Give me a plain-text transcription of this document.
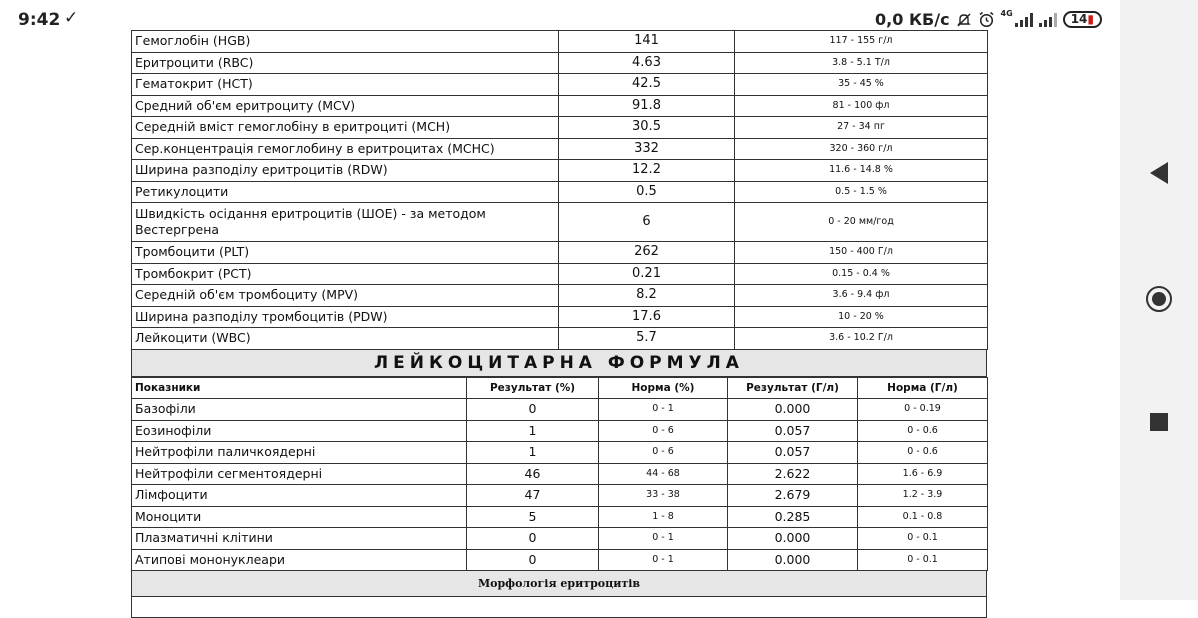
9:42 ✓	0,0 КБ/с	4G	14▮
Гемоглобін (HGB)	141	117 - 155 г/л
Еритроцити (RBC)	4.63	3.8 - 5.1 Т/л
Гематокрит (HCT)	42.5	35 - 45 %
Средний об'єм еритроциту (MCV)	91.8	81 - 100 фл
Середній вміст гемоглобіну в еритроциті (MCH)	30.5	27 - 34 пг
Сер.концентрація гемоглобину в еритроцитах (MCHC)	332	320 - 360 г/л
Ширина разподілу еритроцитів (RDW)	12.2	11.6 - 14.8 %
Ретикулоцити	0.5	0.5 - 1.5 %
Швидкість осідання еритроцитів (ШОЕ) - за методом Вестергрена	6	0 - 20 мм/год
Тромбоцити (PLT)	262	150 - 400 Г/л
Тромбокрит (PCT)	0.21	0.15 - 0.4 %
Середній об'єм тромбоциту (MPV)	8.2	3.6 - 9.4 фл
Ширина разподілу тромбоцитів (PDW)	17.6	10 - 20 %
Лейкоцити (WBC)	5.7	3.6 - 10.2 Г/л
ЛЕЙКОЦИТАРНА ФОРМУЛА
Показники	Результат (%)	Норма (%)	Результат (Г/л)	Норма (Г/л)
Базофіли	0	0 - 1	0.000	0 - 0.19
Еозинофіли	1	0 - 6	0.057	0 - 0.6
Нейтрофіли паличкоядерні	1	0 - 6	0.057	0 - 0.6
Нейтрофіли сегментоядерні	46	44 - 68	2.622	1.6 - 6.9
Лімфоцити	47	33 - 38	2.679	1.2 - 3.9
Моноцити	5	1 - 8	0.285	0.1 - 0.8
Плазматичні клітини	0	0 - 1	0.000	0 - 0.1
Атипові мононуклеари	0	0 - 1	0.000	0 - 0.1
Морфологія еритроцитів
